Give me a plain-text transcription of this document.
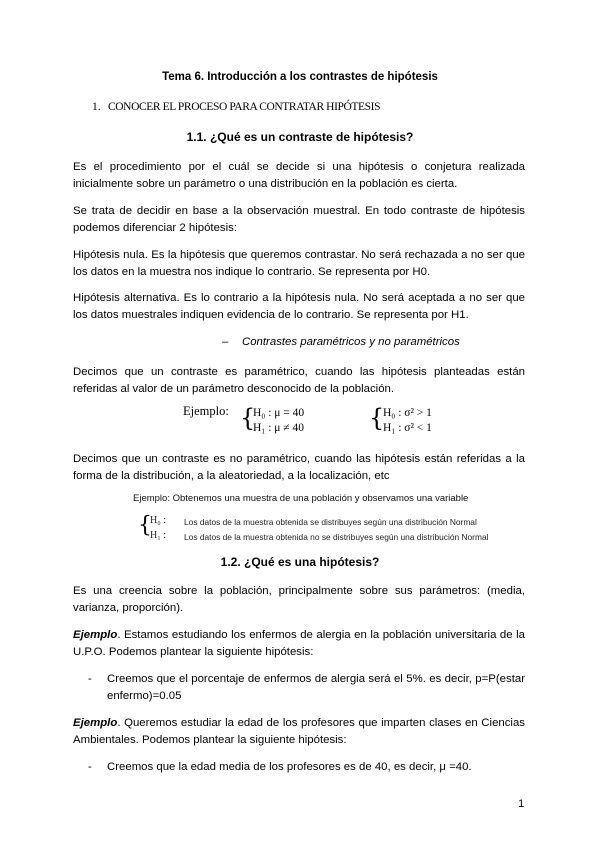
Tema 6. Introducción a los contrastes de hipótesis
1. CONOCER EL PROCESO PARA CONTRATAR HIPÓTESIS
1.1. ¿Qué es un contraste de hipótesis?
Es el procedimiento por el cuál se decide si una hipótesis o conjetura realizada inicialmente sobre un parámetro o una distribución en la población es cierta.
Se trata de decidir en base a la observación muestral. En todo contraste de hipótesis podemos diferenciar 2 hipótesis:
Hipótesis nula. Es la hipótesis que queremos contrastar. No será rechazada a no ser que los datos en la muestra nos indique lo contrario. Se representa por H0.
Hipótesis alternativa. Es lo contrario a la hipótesis nula. No será aceptada a no ser que los datos muestrales indiquen evidencia de lo contrario. Se representa por H1.
– Contrastes paramétricos y no paramétricos
Decimos que un contraste es paramétrico, cuando las hipótesis planteadas están referidas al valor de un parámetro desconocido de la población.
Ejemplo: {
H₀ : μ = 40
H₁ : μ ≠ 40	{
H₀ : σ² > 1
H₁ : σ² < 1
Decimos que un contraste es no paramétrico, cuando las hipótesis están referidas a la forma de la distribución, a la aleatoriedad, a la localización, etc
Ejemplo: Obtenemos una muestra de una población y observamos una variable
{
H₀ : Los datos de la muestra obtenida se distribuyes según una distribución Normal
H₁ : Los datos de la muestra obtenida no se distribuyes según una distribución Normal
1.2. ¿Qué es una hipótesis?
Es una creencia sobre la población, principalmente sobre sus parámetros: (media, varianza, proporción).
Ejemplo. Estamos estudiando los enfermos de alergia en la población universitaria de la U.P.O. Podemos plantear la siguiente hipótesis:
- Creemos que el porcentaje de enfermos de alergia será el 5%. es decir, p=P(estar enfermo)=0.05
Ejemplo. Queremos estudiar la edad de los profesores que imparten clases en Ciencias Ambientales. Podemos plantear la siguiente hipótesis:
- Creemos que la edad media de los profesores es de 40, es decir, μ =40.
1
